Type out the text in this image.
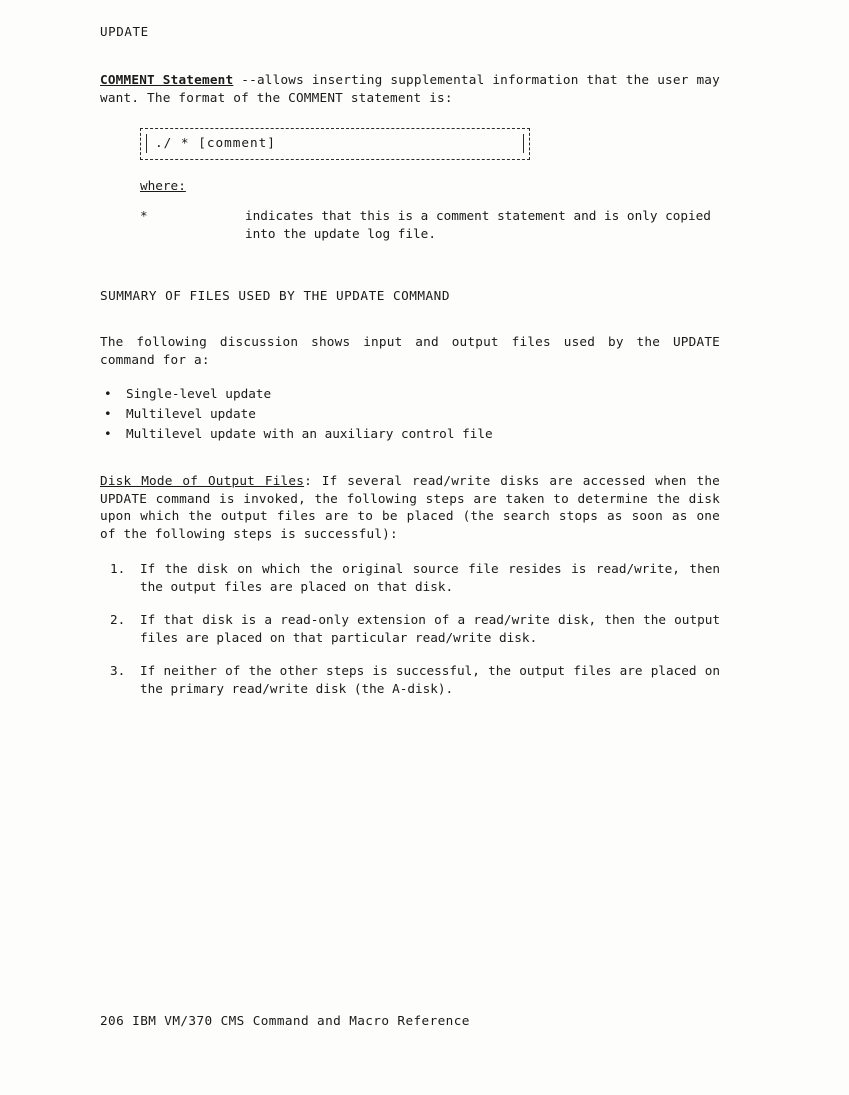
UPDATE

COMMENT Statement --allows inserting supplemental information that the user may want. The format of the COMMENT statement is:

./ * [comment]
where:
*	indicates that this is a comment statement and is only copied into the update log file.
SUMMARY OF FILES USED BY THE UPDATE COMMAND

The following discussion shows input and output files used by the UPDATE command for a:

• Single-level update
• Multilevel update
• Multilevel update with an auxiliary control file

Disk Mode of Output Files: If several read/write disks are accessed when the UPDATE command is invoked, the following steps are taken to determine the disk upon which the output files are to be placed (the search stops as soon as one of the following steps is successful):

1. If the disk on which the original source file resides is read/write, then the output files are placed on that disk.
2. If that disk is a read-only extension of a read/write disk, then the output files are placed on that particular read/write disk.
3. If neither of the other steps is successful, the output files are placed on the primary read/write disk (the A-disk).
206 IBM VM/370 CMS Command and Macro Reference
